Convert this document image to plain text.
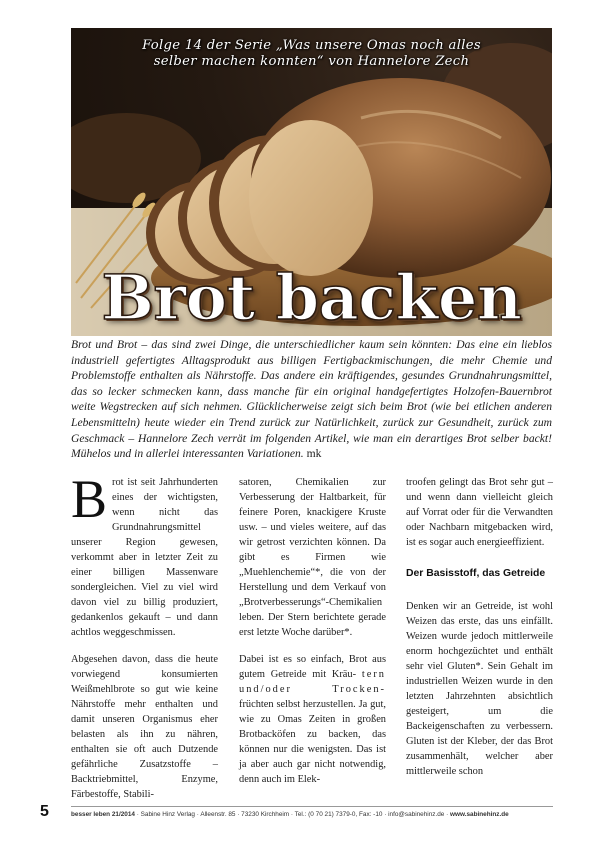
Folge 14 der Serie „Was unsere Omas noch alles
selber machen konnten“ von Hannelore Zech
Brot backen
Brot und Brot – das sind zwei Dinge, die unterschiedlicher kaum sein könnten: Das eine ein lieblos industriell gefertigtes Alltagsprodukt aus billigen Fertigbackmischungen, die mehr Chemie und Problemstoffe enthalten als Nährstoffe. Das andere ein kräftigendes, gesundes Grundnahrungsmittel, das so lecker schmecken kann, dass manche für ein original handgefertigtes Holzofen-Bauernbrot weite Wegstrecken auf sich nehmen. Glücklicherweise zeigt sich beim Brot (wie bei etlichen anderen Lebensmitteln) heute wieder ein Trend zurück zur Natürlichkeit, zurück zur Gesundheit, zurück zum Geschmack – Hannelore Zech verrät im folgenden Artikel, wie man ein derartiges Brot selber backt! Mühelos und in allerlei interessanten Variationen. mk

Brot ist seit Jahrhunderten eines der wichtigsten, wenn nicht das Grundnahrungsmittel unserer Region gewesen, verkommt aber in letzter Zeit zu einer billigen Massenware sondergleichen. Viel zu viel wird davon viel zu billig produziert, gedankenlos gekauft – und dann achtlos weggeschmissen.

Abgesehen davon, dass die heute vorwiegend konsumierten Weißmehlbrote so gut wie keine Nährstoffe mehr enthalten und damit unseren Organismus eher belasten als ihn zu nähren, enthalten sie oft auch Dutzende gefährliche Zusatzstoffe – Backtriebmittel, Enzyme, Färbestoffe, Stabili-

satoren, Chemikalien zur Verbesserung der Haltbarkeit, für feinere Poren, knackigere Kruste usw. – und vieles weitere, auf das wir getrost verzichten können. Da gibt es Firmen wie „Muehlenchemie“*, die von der Herstellung und dem Verkauf von „Brotverbesserungs“-Chemikalien leben. Der Stern berichtete gerade erst letzte Woche darüber*.

Dabei ist es so einfach, Brot aus gutem Getreide mit Kräu- tern und/oder Trocken- früchten selbst herzustellen. Ja gut, wie zu Omas Zeiten in großen Brotbacköfen zu backen, das können nur die wenigsten. Das ist ja aber auch gar nicht notwendig, denn auch im Elek-

troofen gelingt das Brot sehr gut – und wenn dann vielleicht gleich auf Vorrat oder für die Verwandten oder Nachbarn mitgebacken wird, ist es sogar auch energieeffizient.

Der Basisstoff, das Getreide

Denken wir an Getreide, ist wohl Weizen das erste, das uns einfällt. Weizen wurde jedoch mittlerweile enorm hochgezüchtet und enthält sehr viel Gluten*. Sein Gehalt im industriellen Weizen wurde in den letzten Jahrzehnten absichtlich gesteigert, um die Backeigenschaften zu verbessern. Gluten ist der Kleber, der das Brot zusammenhält, welcher aber mittlerweile schon

5	besser leben 21/2014 · Sabine Hinz Verlag · Alleenstr. 85 · 73230 Kirchheim · Tel.: (0 70 21) 7379-0, Fax: -10 · info@sabinehinz.de · www.sabinehinz.de
